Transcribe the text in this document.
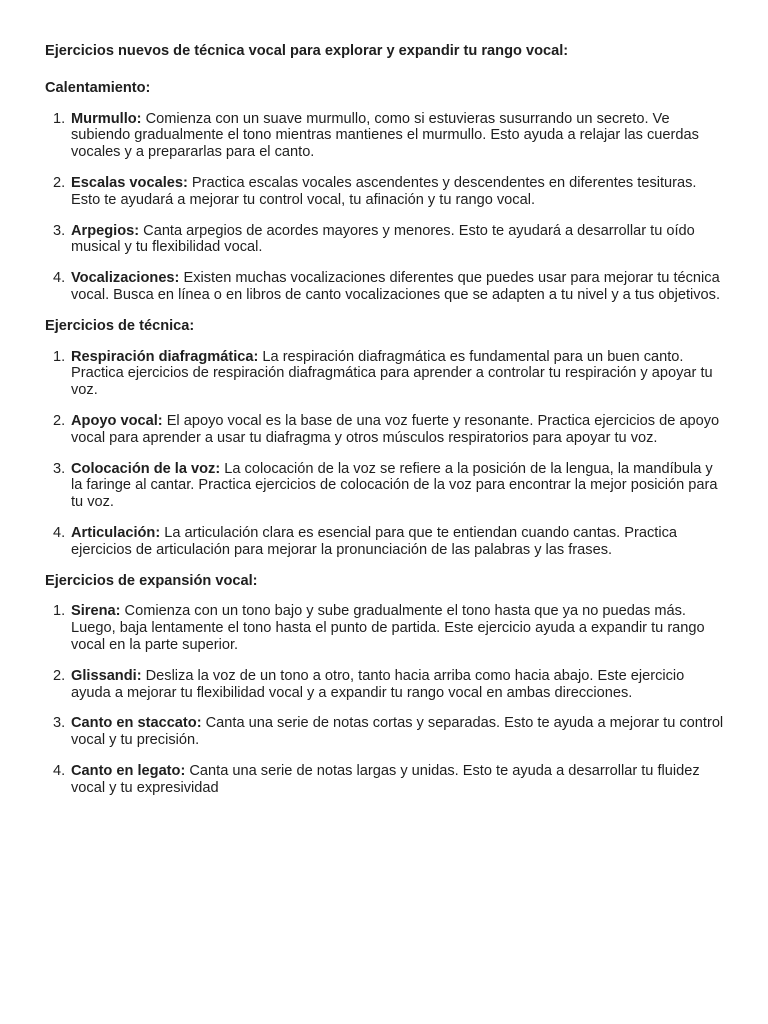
Ejercicios nuevos de técnica vocal para explorar y expandir tu rango vocal:
Calentamiento:
1. Murmullo: Comienza con un suave murmullo, como si estuvieras susurrando un secreto. Ve subiendo gradualmente el tono mientras mantienes el murmullo. Esto ayuda a relajar las cuerdas vocales y a prepararlas para el canto.
2. Escalas vocales: Practica escalas vocales ascendentes y descendentes en diferentes tesituras. Esto te ayudará a mejorar tu control vocal, tu afinación y tu rango vocal.
3. Arpegios: Canta arpegios de acordes mayores y menores. Esto te ayudará a desarrollar tu oído musical y tu flexibilidad vocal.
4. Vocalizaciones: Existen muchas vocalizaciones diferentes que puedes usar para mejorar tu técnica vocal. Busca en línea o en libros de canto vocalizaciones que se adapten a tu nivel y a tus objetivos.
Ejercicios de técnica:
1. Respiración diafragmática: La respiración diafragmática es fundamental para un buen canto. Practica ejercicios de respiración diafragmática para aprender a controlar tu respiración y apoyar tu voz.
2. Apoyo vocal: El apoyo vocal es la base de una voz fuerte y resonante. Practica ejercicios de apoyo vocal para aprender a usar tu diafragma y otros músculos respiratorios para apoyar tu voz.
3. Colocación de la voz: La colocación de la voz se refiere a la posición de la lengua, la mandíbula y la faringe al cantar. Practica ejercicios de colocación de la voz para encontrar la mejor posición para tu voz.
4. Articulación: La articulación clara es esencial para que te entiendan cuando cantas. Practica ejercicios de articulación para mejorar la pronunciación de las palabras y las frases.
Ejercicios de expansión vocal:
1. Sirena: Comienza con un tono bajo y sube gradualmente el tono hasta que ya no puedas más. Luego, baja lentamente el tono hasta el punto de partida. Este ejercicio ayuda a expandir tu rango vocal en la parte superior.
2. Glissandi: Desliza la voz de un tono a otro, tanto hacia arriba como hacia abajo. Este ejercicio ayuda a mejorar tu flexibilidad vocal y a expandir tu rango vocal en ambas direcciones.
3. Canto en staccato: Canta una serie de notas cortas y separadas. Esto te ayuda a mejorar tu control vocal y tu precisión.
4. Canto en legato: Canta una serie de notas largas y unidas. Esto te ayuda a desarrollar tu fluidez vocal y tu expresividad
